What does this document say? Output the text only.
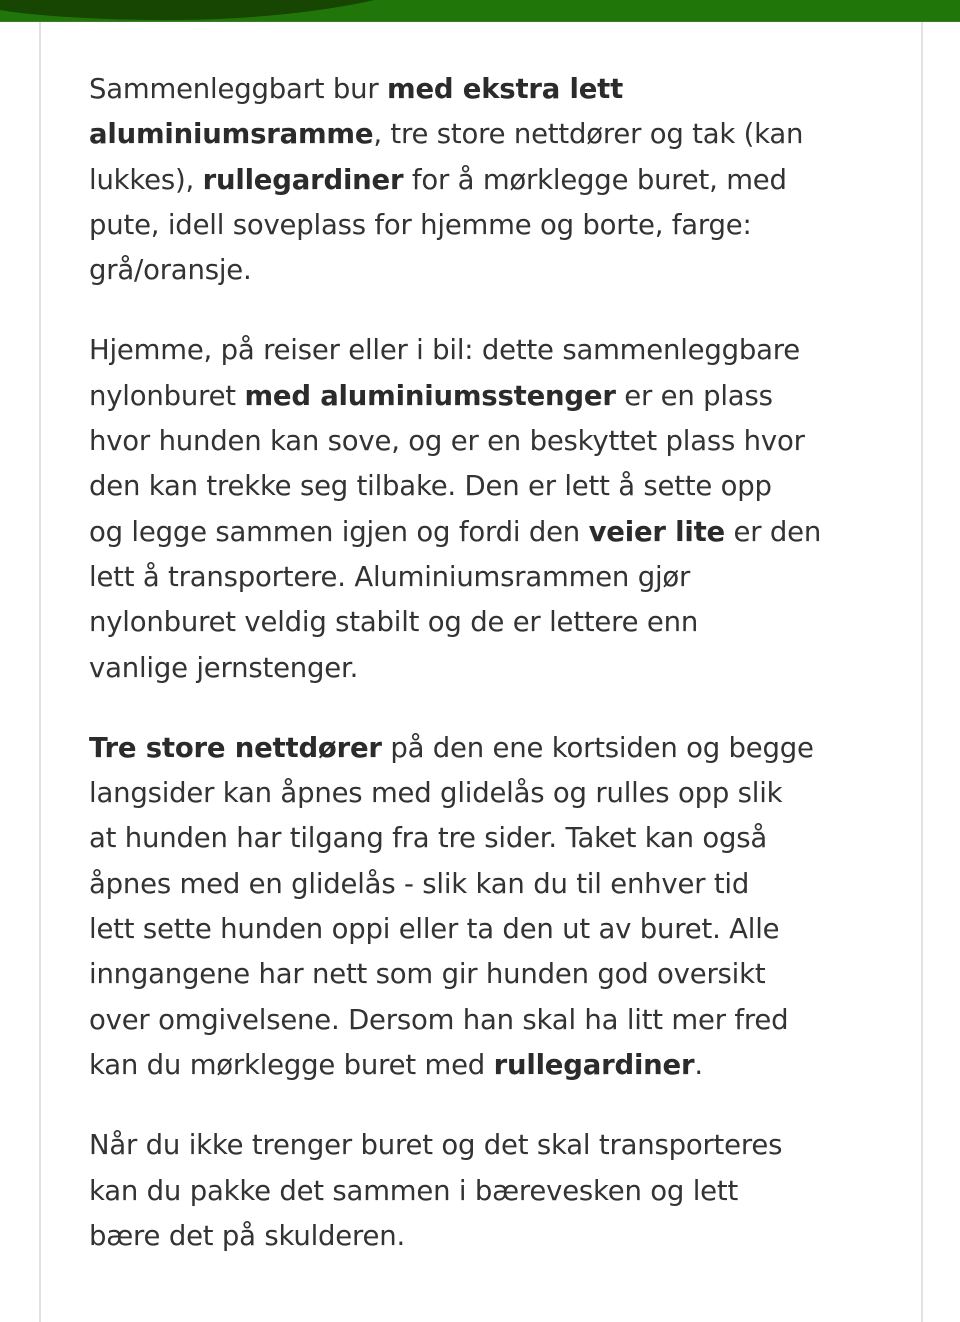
Sammenleggbart bur med ekstra lett
aluminiumsramme, tre store nettdører og tak (kan
lukkes), rullegardiner for å mørklegge buret, med
pute, idell soveplass for hjemme og borte, farge:
grå/oransje.

Hjemme, på reiser eller i bil: dette sammenleggbare
nylonburet med aluminiumsstenger er en plass
hvor hunden kan sove, og er en beskyttet plass hvor
den kan trekke seg tilbake. Den er lett å sette opp
og legge sammen igjen og fordi den veier lite er den
lett å transportere. Aluminiumsrammen gjør
nylonburet veldig stabilt og de er lettere enn
vanlige jernstenger.

Tre store nettdører på den ene kortsiden og begge
langsider kan åpnes med glidelås og rulles opp slik
at hunden har tilgang fra tre sider. Taket kan også
åpnes med en glidelås - slik kan du til enhver tid
lett sette hunden oppi eller ta den ut av buret. Alle
inngangene har nett som gir hunden god oversikt
over omgivelsene. Dersom han skal ha litt mer fred
kan du mørklegge buret med rullegardiner.

Når du ikke trenger buret og det skal transporteres
kan du pakke det sammen i bærevesken og lett
bære det på skulderen.
